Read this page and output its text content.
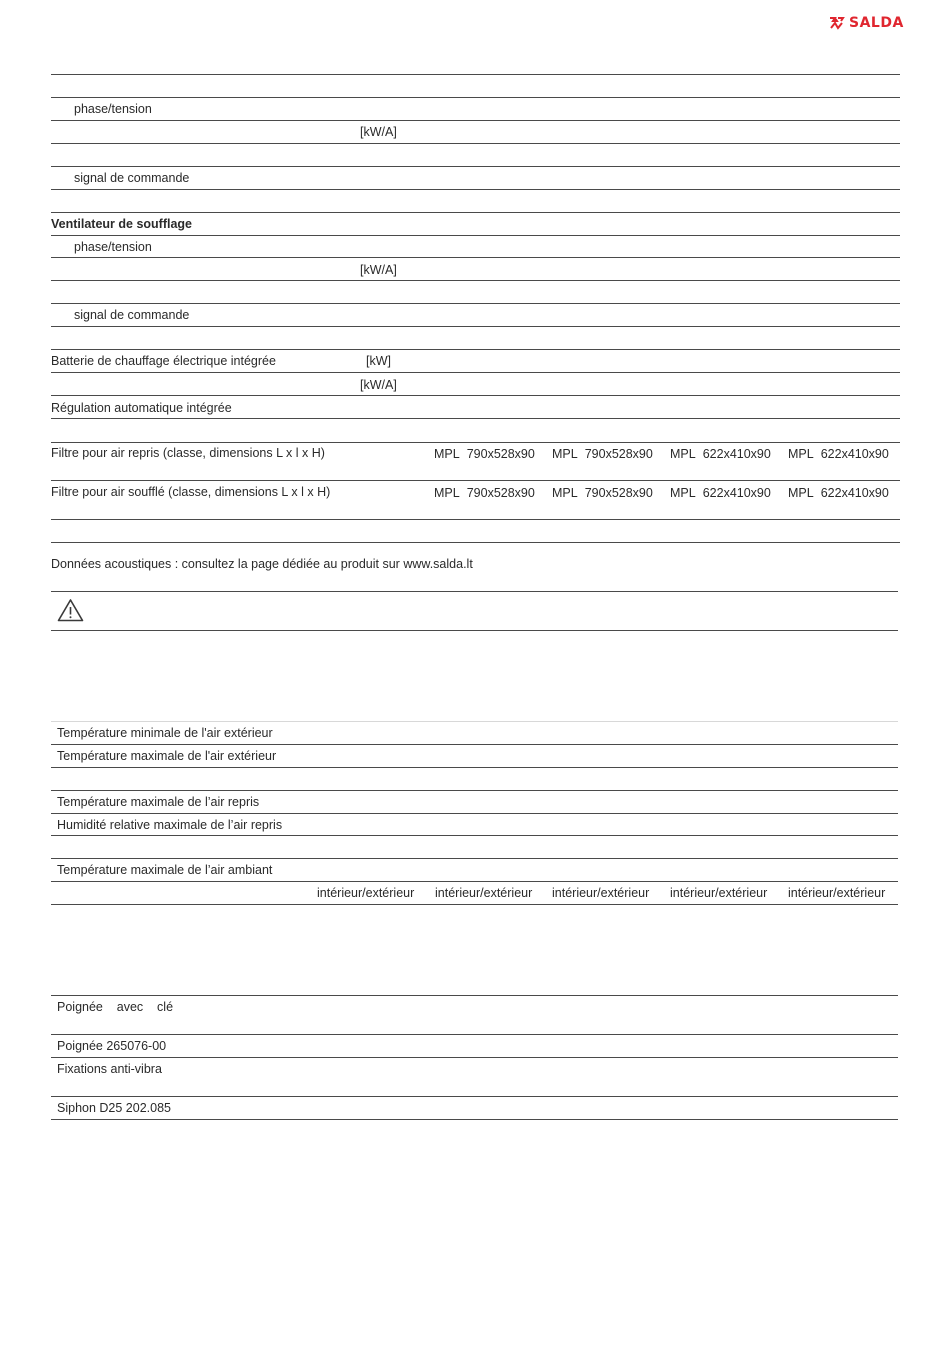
SALDA
phase/tension
[kW/A]
signal de commande
Ventilateur de soufflage
phase/tension
[kW/A]
signal de commande
Batterie de chauffage électrique intégrée	[kW]
[kW/A]
Régulation automatique intégrée
Filtre pour air repris (classe, dimensions L x l x H)	MPL 790x528x90 MPL 790x528x90 MPL 622x410x90 MPL 622x410x90
Filtre pour air soufflé (classe, dimensions L x l x H)	MPL 790x528x90 MPL 790x528x90 MPL 622x410x90 MPL 622x410x90
Données acoustiques : consultez la page dédiée au produit sur www.salda.lt
Température minimale de l'air extérieur
Température maximale de l'air extérieur
Température maximale de l’air repris
Humidité relative maximale de l’air repris
Température maximale de l’air ambiant
intérieur/extérieur intérieur/extérieur intérieur/extérieur intérieur/extérieur intérieur/extérieur
Poignée    avec    clé
Poignée 265076-00
Fixations anti-vibra
Siphon D25 202.085
